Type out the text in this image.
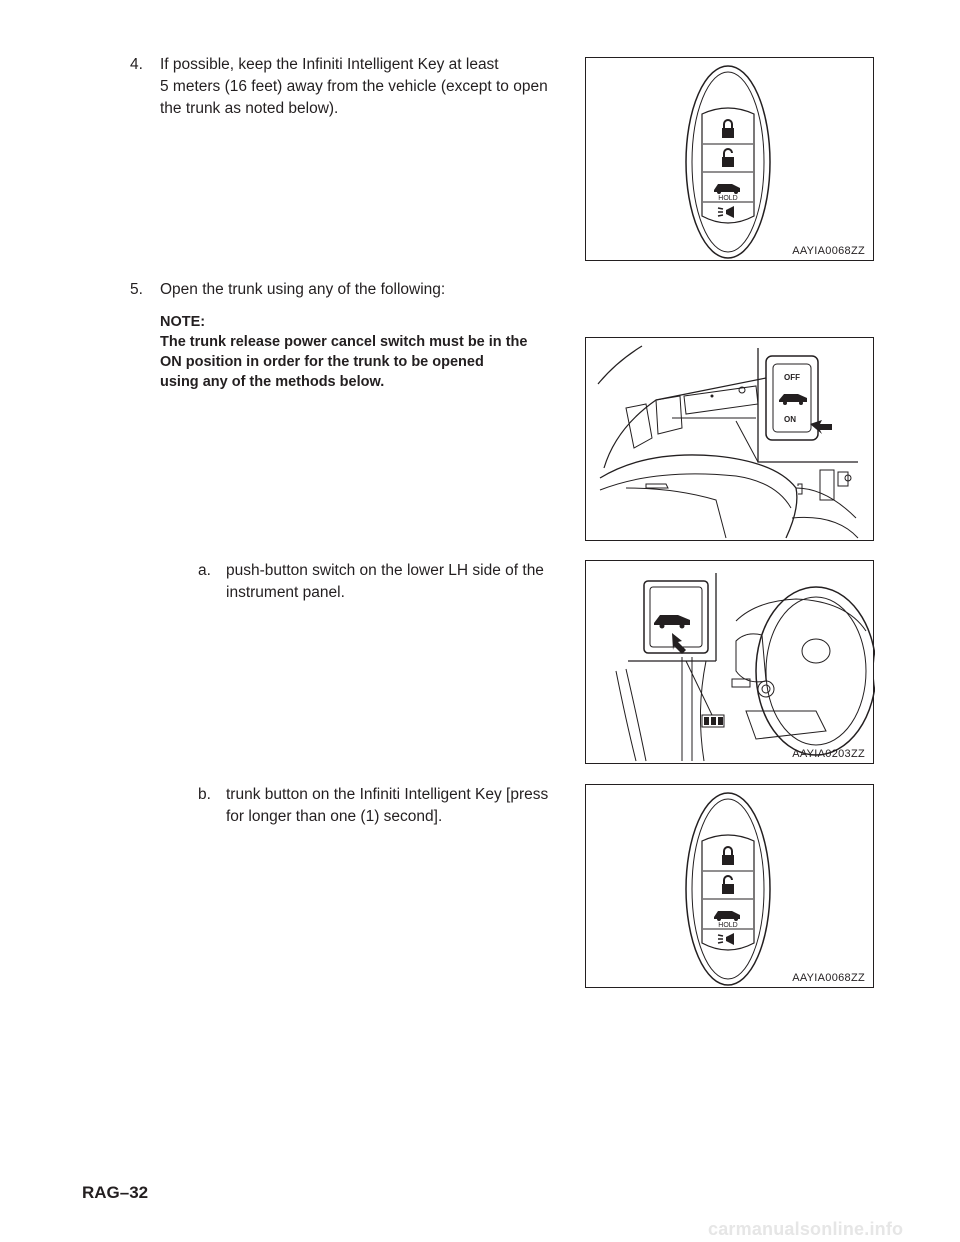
4. If possible, keep the Infiniti Intelligent Key at least
5 meters (16 feet) away from the vehicle (except to open
the trunk as noted below).
HOLD
AAYIA0068ZZ
5. Open the trunk using any of the following:
NOTE:
The trunk release power cancel switch must be in the
ON position in order for the trunk to be opened
using any of the methods below.	OFF
ON
a. push-button switch on the lower LH side of the
instrument panel.
AAYIA0203ZZ
b. trunk button on the Infiniti Intelligent Key [press
for longer than one (1) second].
HOLD
AAYIA0068ZZ
RAG–32
carmanualsonline.info
